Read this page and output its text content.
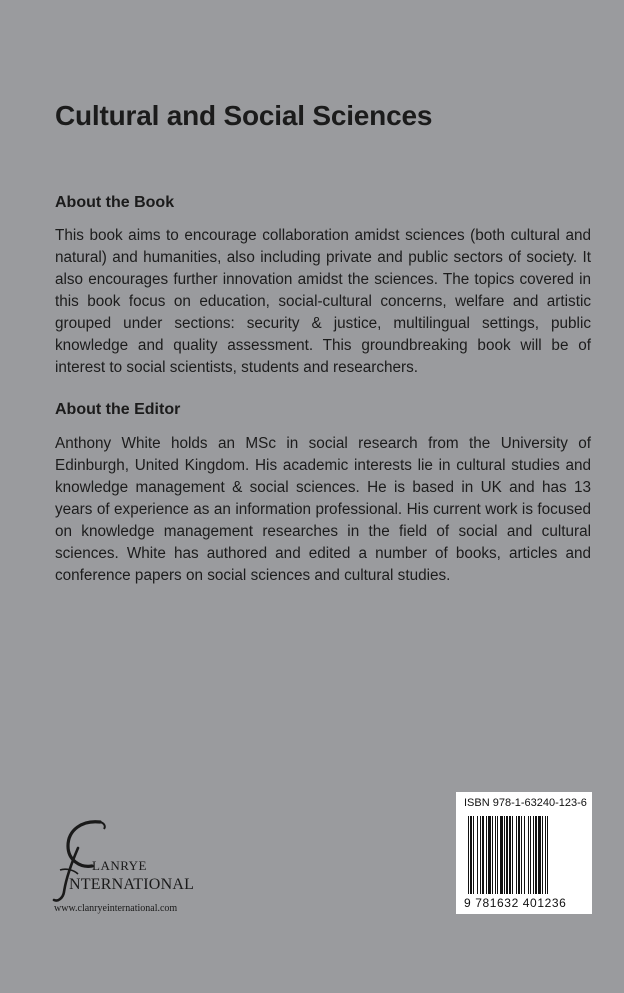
Cultural and Social Sciences
About the Book
This book aims to encourage collaboration amidst sciences (both cultural and natural) and humanities, also including private and public sectors of society. It also encourages further innovation amidst the sciences. The topics covered in this book focus on education, social-cultural concerns, welfare and artistic grouped under sections: security & justice, multilingual settings, public knowledge and quality assessment. This groundbreaking book will be of interest to social scientists, students and researchers.
About the Editor
Anthony White holds an MSc in social research from the University of Edinburgh, United Kingdom. His academic interests lie in cultural studies and knowledge management & social sciences. He is based in UK and has 13 years of experience as an information professional. His current work is focused on knowledge management researches in the field of social and cultural sciences. White has authored and edited a number of books, articles and conference papers on social sciences and cultural studies.
LANRYE
NTERNATIONAL
www.clanryeinternational.com
ISBN 978-1-63240-123-6
9 781632 401236
